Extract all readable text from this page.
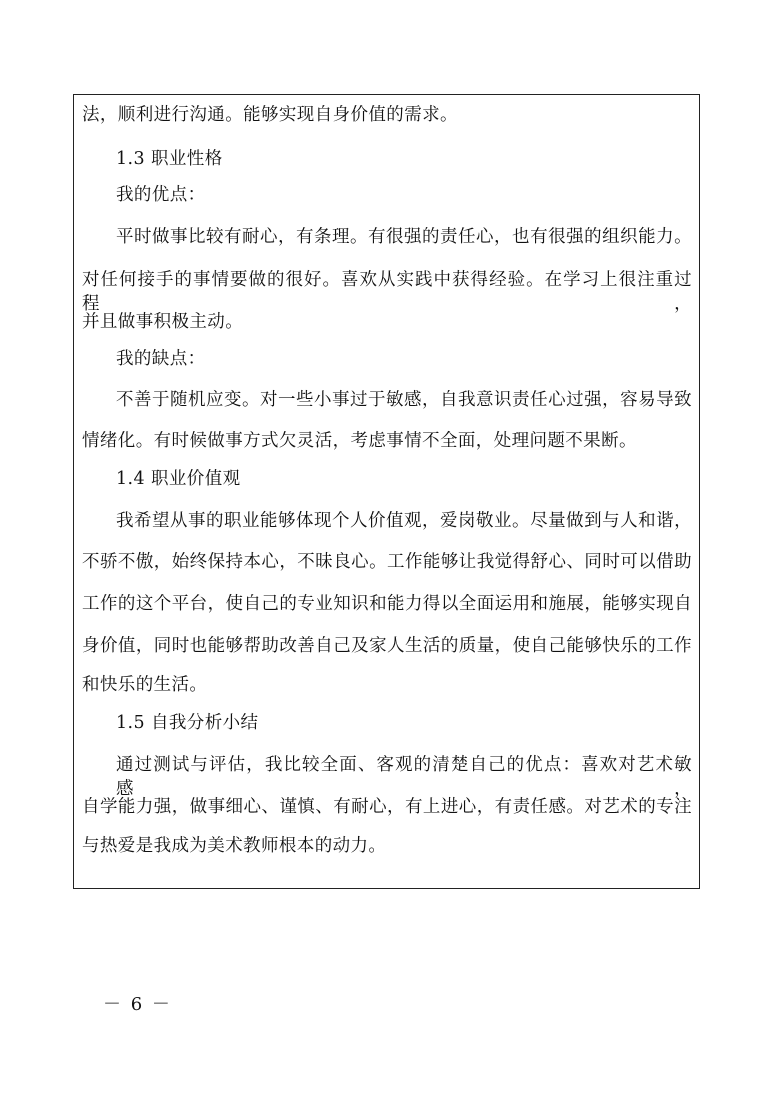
法，顺利进行沟通。能够实现自身价值的需求。
1.3 职业性格
我的优点：
平时做事比较有耐心，有条理。有很强的责任心，也有很强的组织能力。
对任何接手的事情要做的很好。喜欢从实践中获得经验。在学习上很注重过程，
并且做事积极主动。
我的缺点：
不善于随机应变。对一些小事过于敏感，自我意识责任心过强，容易导致
情绪化。有时候做事方式欠灵活，考虑事情不全面，处理问题不果断。
1.4 职业价值观
我希望从事的职业能够体现个人价值观，爱岗敬业。尽量做到与人和谐，
不骄不傲，始终保持本心，不昧良心。工作能够让我觉得舒心、同时可以借助
工作的这个平台，使自己的专业知识和能力得以全面运用和施展，能够实现自
身价值，同时也能够帮助改善自己及家人生活的质量，使自己能够快乐的工作
和快乐的生活。
1.5 自我分析小结
通过测试与评估，我比较全面、客观的清楚自己的优点：喜欢对艺术敏感，
自学能力强，做事细心、谨慎、有耐心，有上进心，有责任感。对艺术的专注
与热爱是我成为美术教师根本的动力。
－ 6 －
